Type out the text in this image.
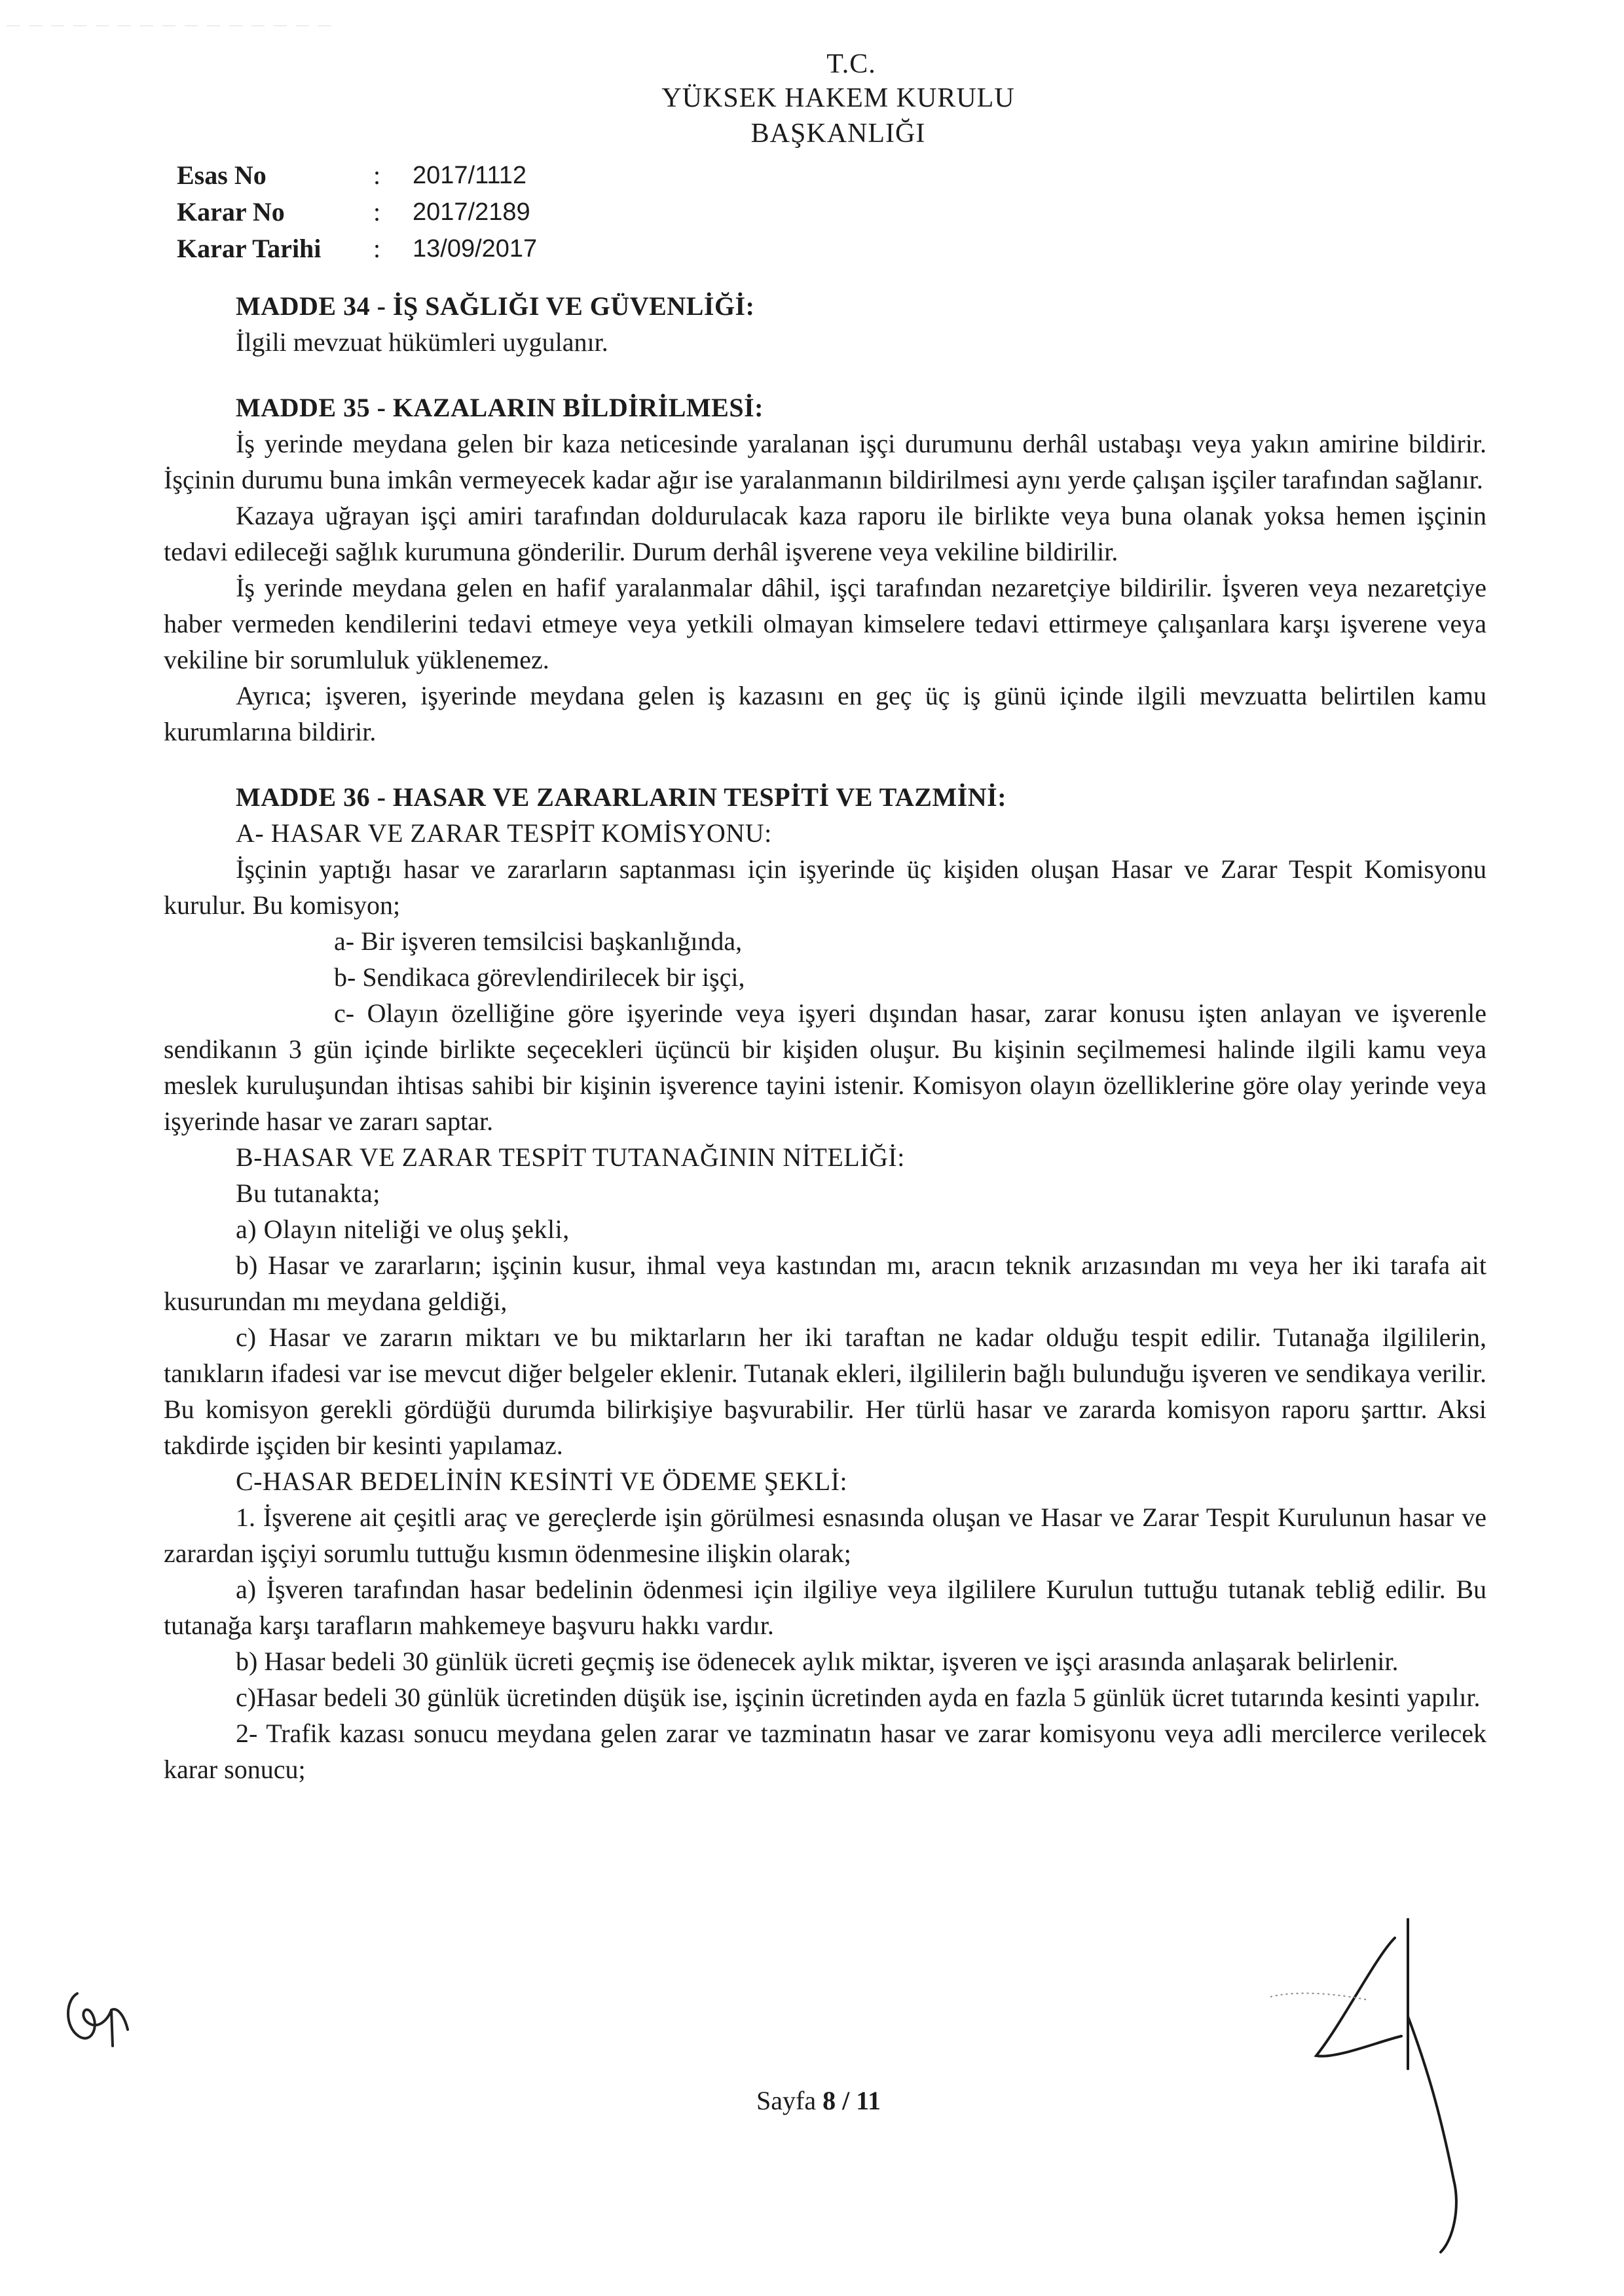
T.C.
YÜKSEK HAKEM KURULU
BAŞKANLIĞI
Esas No	:	2017/1112
Karar No	:	2017/2189
Karar Tarihi	:	13/09/2017
MADDE 34 - İŞ SAĞLIĞI VE GÜVENLİĞİ:

İlgili mevzuat hükümleri uygulanır.

MADDE 35 - KAZALARIN BİLDİRİLMESİ:

İş yerinde meydana gelen bir kaza neticesinde yaralanan işçi durumunu derhâl ustabaşı veya yakın amirine bildirir. İşçinin durumu buna imkân vermeyecek kadar ağır ise yaralanmanın bildirilmesi aynı yerde çalışan işçiler tarafından sağlanır.

Kazaya uğrayan işçi amiri tarafından doldurulacak kaza raporu ile birlikte veya buna olanak yoksa hemen işçinin tedavi edileceği sağlık kurumuna gönderilir. Durum derhâl işverene veya vekiline bildirilir.

İş yerinde meydana gelen en hafif yaralanmalar dâhil, işçi tarafından nezaretçiye bildirilir. İşveren veya nezaretçiye haber vermeden kendilerini tedavi etmeye veya yetkili olmayan kimselere tedavi ettirmeye çalışanlara karşı işverene veya vekiline bir sorumluluk yüklenemez.

Ayrıca; işveren, işyerinde meydana gelen iş kazasını en geç üç iş günü içinde ilgili mevzuatta belirtilen kamu kurumlarına bildirir.

MADDE 36 - HASAR VE ZARARLARIN TESPİTİ VE TAZMİNİ:
A- HASAR VE ZARAR TESPİT KOMİSYONU:

İşçinin yaptığı hasar ve zararların saptanması için işyerinde üç kişiden oluşan Hasar ve Zarar Tespit Komisyonu kurulur. Bu komisyon;

a- Bir işveren temsilcisi başkanlığında,
b- Sendikaca görevlendirilecek bir işçi,

c- Olayın özelliğine göre işyerinde veya işyeri dışından hasar, zarar konusu işten anlayan ve işverenle sendikanın 3 gün içinde birlikte seçecekleri üçüncü bir kişiden oluşur. Bu kişinin seçilmemesi halinde ilgili kamu veya meslek kuruluşundan ihtisas sahibi bir kişinin işverence tayini istenir. Komisyon olayın özelliklerine göre olay yerinde veya işyerinde hasar ve zararı saptar.

B-HASAR VE ZARAR TESPİT TUTANAĞININ NİTELİĞİ:
Bu tutanakta;
a) Olayın niteliği ve oluş şekli,

b) Hasar ve zararların; işçinin kusur, ihmal veya kastından mı, aracın teknik arızasından mı veya her iki tarafa ait kusurundan mı meydana geldiği,

c) Hasar ve zararın miktarı ve bu miktarların her iki taraftan ne kadar olduğu tespit edilir. Tutanağa ilgililerin, tanıkların ifadesi var ise mevcut diğer belgeler eklenir. Tutanak ekleri, ilgililerin bağlı bulunduğu işveren ve sendikaya verilir. Bu komisyon gerekli gördüğü durumda bilirkişiye başvurabilir. Her türlü hasar ve zararda komisyon raporu şarttır. Aksi takdirde işçiden bir kesinti yapılamaz.

C-HASAR BEDELİNİN KESİNTİ VE ÖDEME ŞEKLİ:

1. İşverene ait çeşitli araç ve gereçlerde işin görülmesi esnasında oluşan ve Hasar ve Zarar Tespit Kurulunun hasar ve zarardan işçiyi sorumlu tuttuğu kısmın ödenmesine ilişkin olarak;

a) İşveren tarafından hasar bedelinin ödenmesi için ilgiliye veya ilgililere Kurulun tuttuğu tutanak tebliğ edilir. Bu tutanağa karşı tarafların mahkemeye başvuru hakkı vardır.

b) Hasar bedeli 30 günlük ücreti geçmiş ise ödenecek aylık miktar, işveren ve işçi arasında anlaşarak belirlenir.

c)Hasar bedeli 30 günlük ücretinden düşük ise, işçinin ücretinden ayda en fazla 5 günlük ücret tutarında kesinti yapılır.

2- Trafik kazası sonucu meydana gelen zarar ve tazminatın hasar ve zarar komisyonu veya adli mercilerce verilecek karar sonucu;

Sayfa 8 / 11
